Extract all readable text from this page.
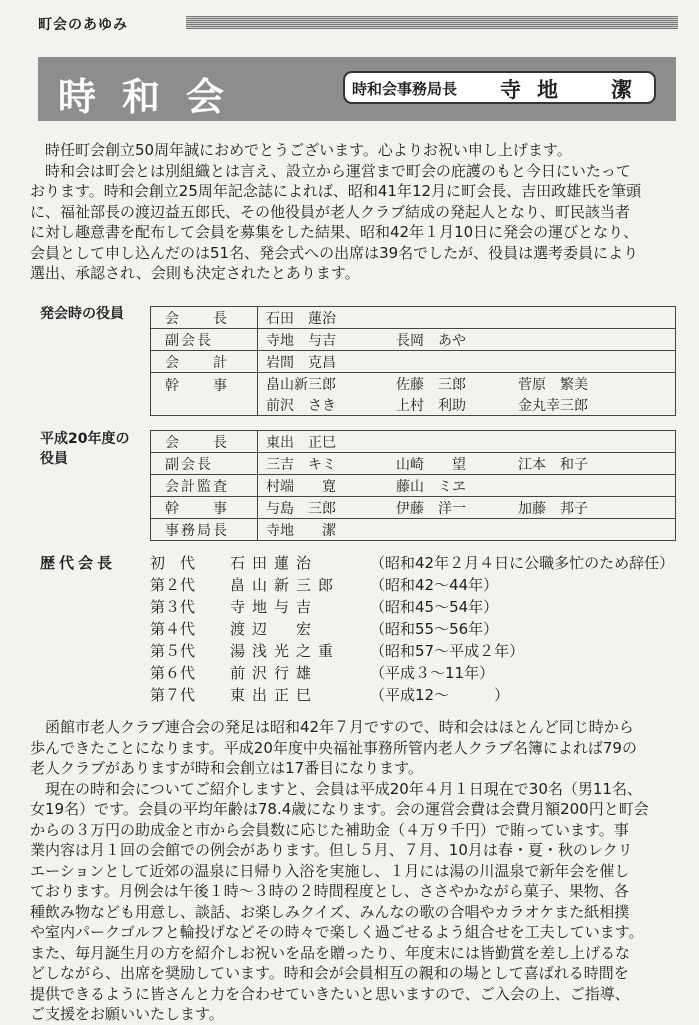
町会のあゆみ
時和会	時和会事務局長 寺地　潔
　時任町会創立50周年誠におめでとうございます。心よりお祝い申し上げます。
　時和会は町会とは別組織とは言え、設立から運営まで町会の庇護のもと今日にいたって
おります。時和会創立25周年記念誌によれば、昭和41年12月に町会長、吉田政雄氏を筆頭
に、福祉部長の渡辺益五郎氏、その他役員が老人クラブ結成の発起人となり、町民該当者
に対し趣意書を配布して会員を募集をした結果、昭和42年１月10日に発会の運びとなり、
会員として申し込んだのは51名、発会式への出席は39名でしたが、役員は選考委員により
選出、承認され、会則も決定されたとあります。
発会時の役員	会　　長	石田　蓮治

副会長	寺地　与吉 長岡　あや

会　　計	岩間　克昌

幹　　事	畠山新三郎 佐藤　三郎 菅原　繁美

	前沢　さき 上村　利助 金丸幸三郎
平成20年度の
役員
会　　長	東出　正巳

副会長	三吉　キミ 山崎　　望 江本　和子

会計監査	村端　　寛 藤山　ミヱ

幹　　事	与島　三郎 伊藤　洋一 加藤　邦子

事務局長	寺地　　潔
歴代会長 初　代 石田蓮治	（昭和42年２月４日に公職多忙のため辞任）
第２代 畠山新三郎 （昭和42～44年）
第３代 寺地与吉	（昭和45～54年）
第４代 渡辺　宏	（昭和55～56年）
第５代 湯浅光之重 （昭和57～平成２年）
第６代 前沢行雄	（平成３～11年）
第７代 東出正巳	（平成12～　　　）
　函館市老人クラブ連合会の発足は昭和42年７月ですので、時和会はほとんど同じ時から
歩んできたことになります。平成20年度中央福祉事務所管内老人クラブ名簿によれば79の
老人クラブがありますが時和会創立は17番目になります。
　現在の時和会についてご紹介しますと、会員は平成20年４月１日現在で30名（男11名、
女19名）です。会員の平均年齢は78.4歳になります。会の運営会費は会費月額200円と町会
からの３万円の助成金と市から会員数に応じた補助金（４万９千円）で賄っています。事
業内容は月１回の会館での例会があります。但し５月、７月、10月は春・夏・秋のレクリ
エーションとして近郊の温泉に日帰り入浴を実施し、１月には湯の川温泉で新年会を催し
ております。月例会は午後１時～３時の２時間程度とし、ささやかながら菓子、果物、各
種飲み物なども用意し、談話、お楽しみクイズ、みんなの歌の合唱やカラオケまた紙相撲
や室内パークゴルフと輪投げなどその時々で楽しく過ごせるよう組合せを工夫しています。
また、毎月誕生月の方を紹介しお祝いを品を贈ったり、年度末には皆勤賞を差し上げるな
どしながら、出席を奨励しています。時和会が会員相互の親和の場として喜ばれる時間を
提供できるように皆さんと力を合わせていきたいと思いますので、ご入会の上、ご指導、
ご支援をお願いいたします。
